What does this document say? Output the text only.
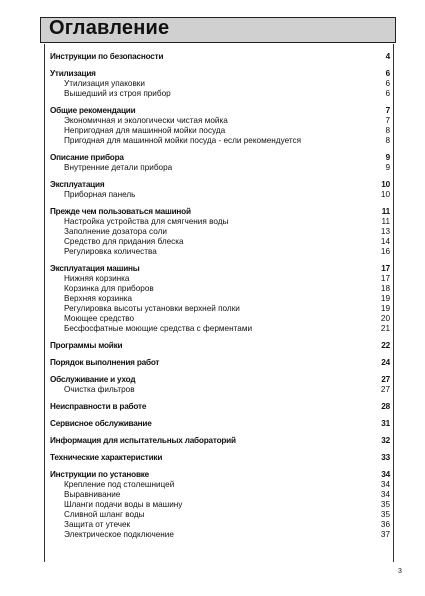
Оглавление
Инструкции по безопасности	4
Утилизация	6
Утилизация упаковки	6
Вышедший из строя прибор	6
Общие рекомендации	7
Экономичная и экологически чистая мойка	7
Непригодная для машинной мойки посуда	8
Пригодная для машинной мойки посуда - если рекомендуется	8
Описание прибора	9
Внутренние детали прибора	9
Эксплуатация	10
Приборная панель	10
Прежде чем пользоваться машиной	11
Настройка устройства для смягчения воды	11
Заполнение дозатора соли	13
Средство для придания блеска	14
Регулировка количества	16
Эксплуатация машины	17
Нижняя корзинка	17
Корзинка для приборов	18
Верхняя корзинка	19
Регулировка высоты установки верхней полки	19
Моющее средство	20
Бесфосфатные моющие средства с ферментами	21
Программы мойки	22
Порядок выполнения работ	24
Обслуживание и уход	27
Очистка фильтров	27
Неисправности в работе	28
Сервисное обслуживание	31
Информация для испытательных лабораторий	32
Технические характеристики	33
Инструкции по установке	34
Крепление под столешницей	34
Выравнивание	34
Шланги подачи воды в машину	35
Сливной шланг воды	35
Защита от утечек	36
Электрическое подключение	37
3
